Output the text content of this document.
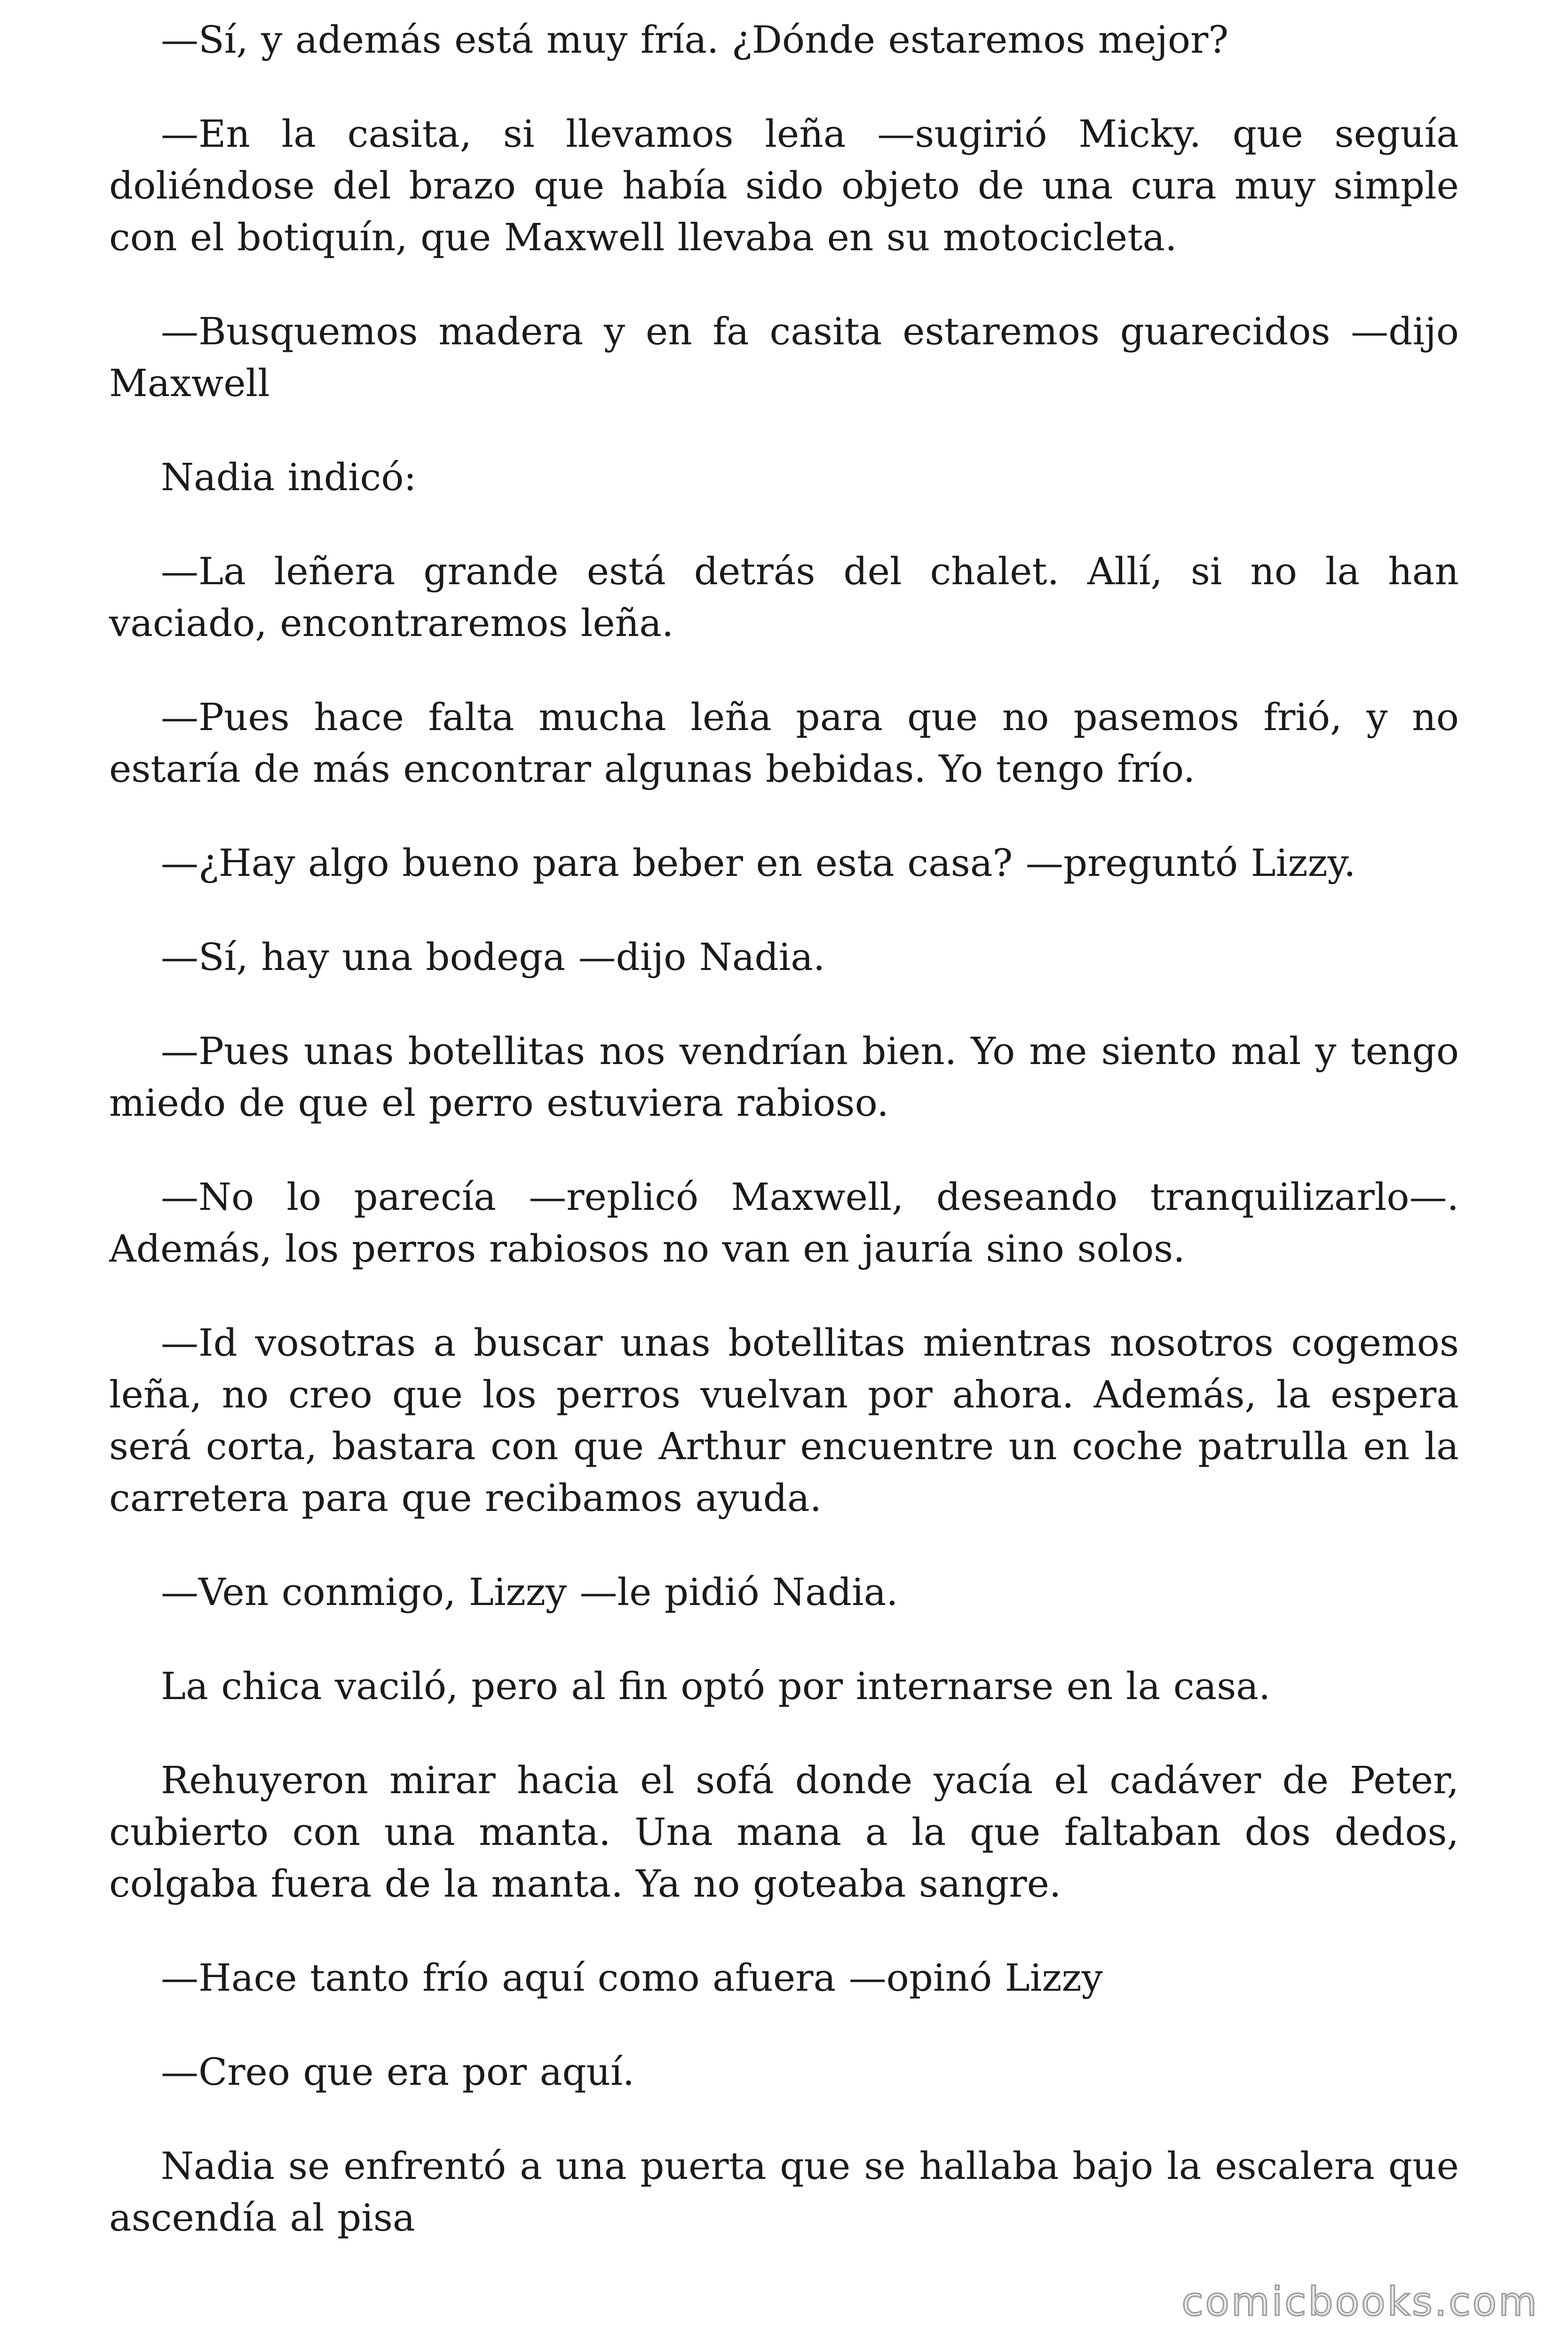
—Sí, y además está muy fría. ¿Dónde estaremos mejor?

—En la casita, si llevamos leña —sugirió Micky. que seguía doliéndose del brazo que había sido objeto de una cura muy simple con el botiquín, que Maxwell llevaba en su motocicleta.

—Busquemos madera y en fa casita estaremos guarecidos —dijo Maxwell

Nadia indicó:

—La leñera grande está detrás del chalet. Allí, si no la han vaciado, encontraremos leña.

—Pues hace falta mucha leña para que no pasemos frió, y no estaría de más encontrar algunas bebidas. Yo tengo frío.

—¿Hay algo bueno para beber en esta casa? —preguntó Lizzy.

—Sí, hay una bodega —dijo Nadia.

—Pues unas botellitas nos vendrían bien. Yo me siento mal y tengo miedo de que el perro estuviera rabioso.

—No lo parecía —replicó Maxwell, deseando tranquilizarlo—. Además, los perros rabiosos no van en jauría sino solos.

—Id vosotras a buscar unas botellitas mientras nosotros cogemos leña, no creo que los perros vuelvan por ahora. Además, la espera será corta, bastara con que Arthur encuentre un coche patrulla en la carretera para que recibamos ayuda.

—Ven conmigo, Lizzy —le pidió Nadia.

La chica vaciló, pero al fin optó por internarse en la casa.

Rehuyeron mirar hacia el sofá donde yacía el cadáver de Peter, cubierto con una manta. Una mana a la que faltaban dos dedos, colgaba fuera de la manta. Ya no goteaba sangre.

—Hace tanto frío aquí como afuera —opinó Lizzy

—Creo que era por aquí.

Nadia se enfrentó a una puerta que se hallaba bajo la escalera que ascendía al pisa

comicbooks.com
